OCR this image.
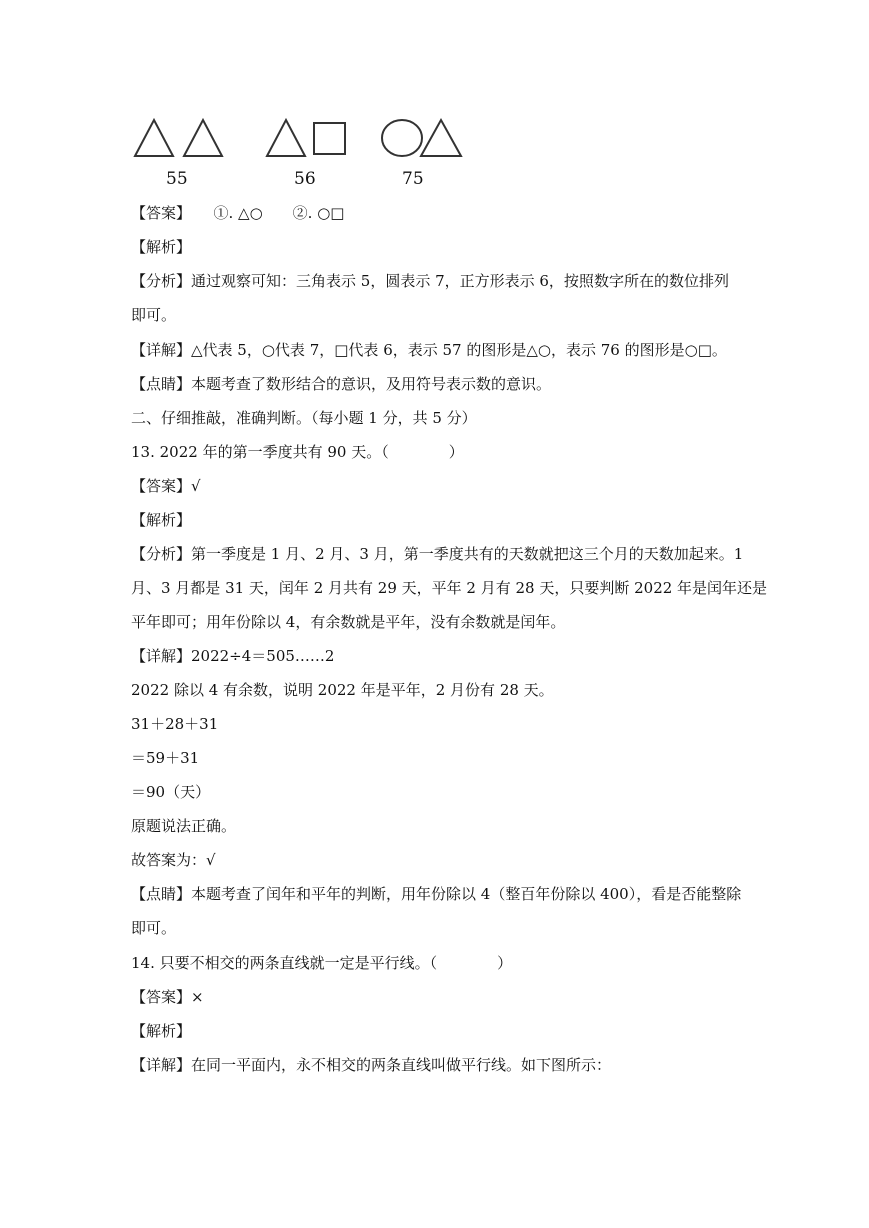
55	56	75
【答案】　　①. △○　　②. ○□
【解析】
【分析】通过观察可知：三角表示 5，圆表示 7，正方形表示 6，按照数字所在的数位排列
即可。
【详解】△代表 5，○代表 7，□代表 6，表示 57 的图形是△○，表示 76 的图形是○□。
【点睛】本题考查了数形结合的意识，及用符号表示数的意识。
二、仔细推敲，准确判断。（每小题 1 分，共 5 分）
13. 2022 年的第一季度共有 90 天。（　　　　）
【答案】√
【解析】
【分析】第一季度是 1 月、2 月、3 月，第一季度共有的天数就把这三个月的天数加起来。1
月、3 月都是 31 天，闰年 2 月共有 29 天，平年 2 月有 28 天，只要判断 2022 年是闰年还是
平年即可；用年份除以 4，有余数就是平年，没有余数就是闰年。
【详解】2022÷4＝505……2
2022 除以 4 有余数，说明 2022 年是平年，2 月份有 28 天。
31＋28＋31
＝59＋31
＝90（天）
原题说法正确。
故答案为：√
【点睛】本题考查了闰年和平年的判断，用年份除以 4（整百年份除以 400），看是否能整除
即可。
14. 只要不相交的两条直线就一定是平行线。（　　　　）
【答案】×
【解析】
【详解】在同一平面内，永不相交的两条直线叫做平行线。如下图所示：
